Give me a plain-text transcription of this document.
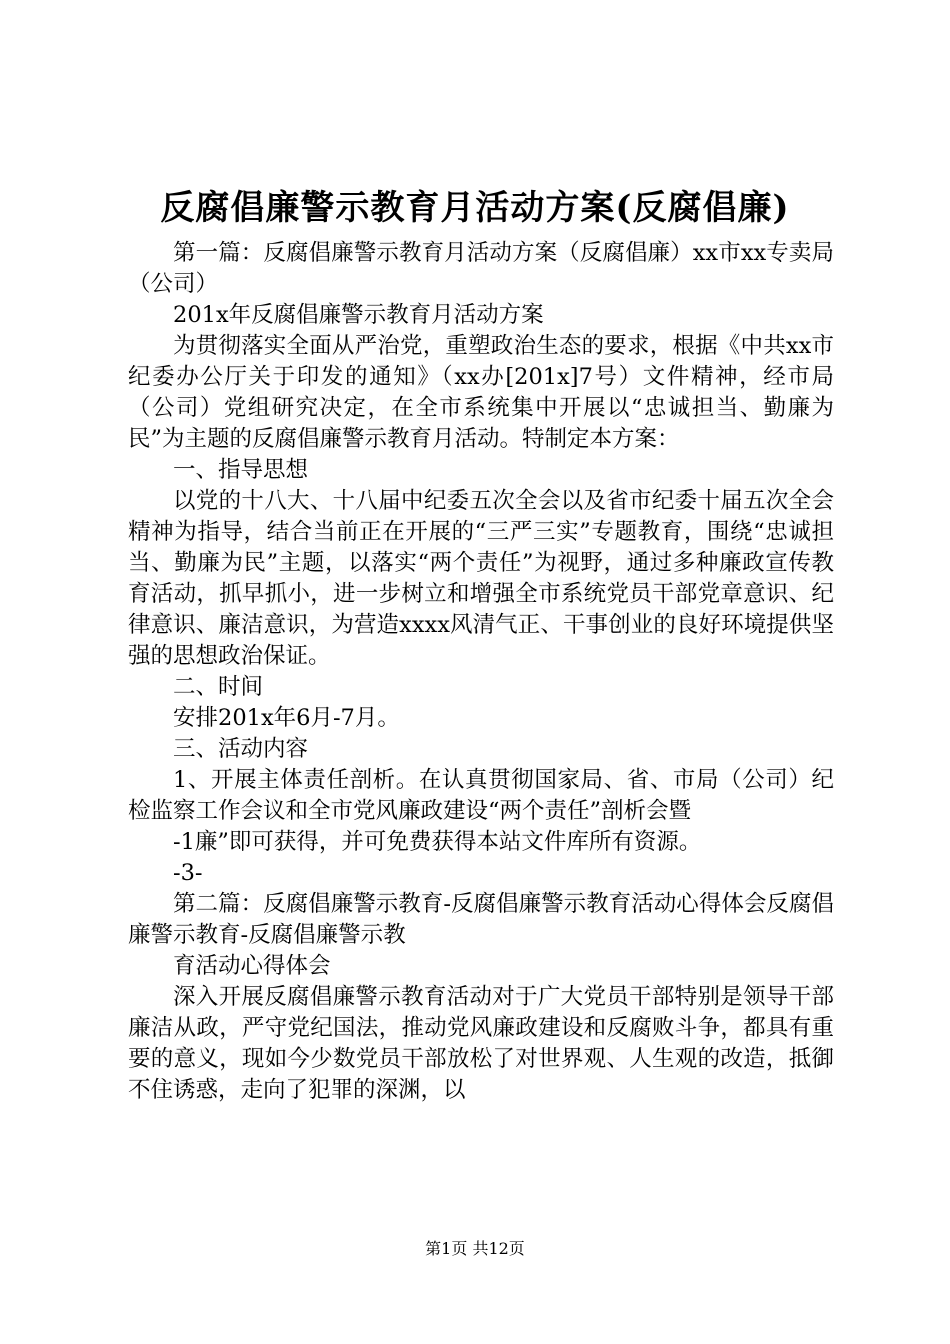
反腐倡廉警示教育月活动方案(反腐倡廉)

第一篇：反腐倡廉警示教育月活动方案（反腐倡廉）xx市xx专卖局（公司）

201x年反腐倡廉警示教育月活动方案

为贯彻落实全面从严治党，重塑政治生态的要求，根据《中共xx市纪委办公厅关于印发的通知》（xx办[201x]7号）文件精神，经市局（公司）党组研究决定，在全市系统集中开展以“忠诚担当、勤廉为民”为主题的反腐倡廉警示教育月活动。特制定本方案：

一、指导思想

以党的十八大、十八届中纪委五次全会以及省市纪委十届五次全会精神为指导，结合当前正在开展的“三严三实”专题教育，围绕“忠诚担当、勤廉为民”主题，以落实“两个责任”为视野，通过多种廉政宣传教育活动，抓早抓小，进一步树立和增强全市系统党员干部党章意识、纪律意识、廉洁意识，为营造xxxx风清气正、干事创业的良好环境提供坚强的思想政治保证。

二、时间

安排201x年6月-7月。

三、活动内容

1、开展主体责任剖析。在认真贯彻国家局、省、市局（公司）纪检监察工作会议和全市党风廉政建设“两个责任”剖析会暨

-1廉”即可获得，并可免费获得本站文件库所有资源。

-3-

第二篇：反腐倡廉警示教育-反腐倡廉警示教育活动心得体会反腐倡廉警示教育-反腐倡廉警示教

育活动心得体会

深入开展反腐倡廉警示教育活动对于广大党员干部特别是领导干部廉洁从政，严守党纪国法，推动党风廉政建设和反腐败斗争，都具有重要的意义，现如今少数党员干部放松了对世界观、人生观的改造，抵御不住诱惑，走向了犯罪的深渊，以

第1页 共12页
